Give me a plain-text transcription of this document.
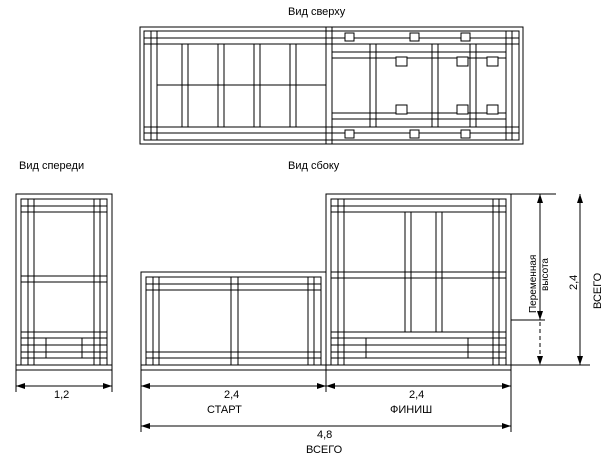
Вид сверху
Вид спереди	Вид сбоку
1,2	2,4	2,4
СТАРТ	ФИНИШ
4,8
ВСЕГО
Переменная высота 2,4 ВСЕГО
